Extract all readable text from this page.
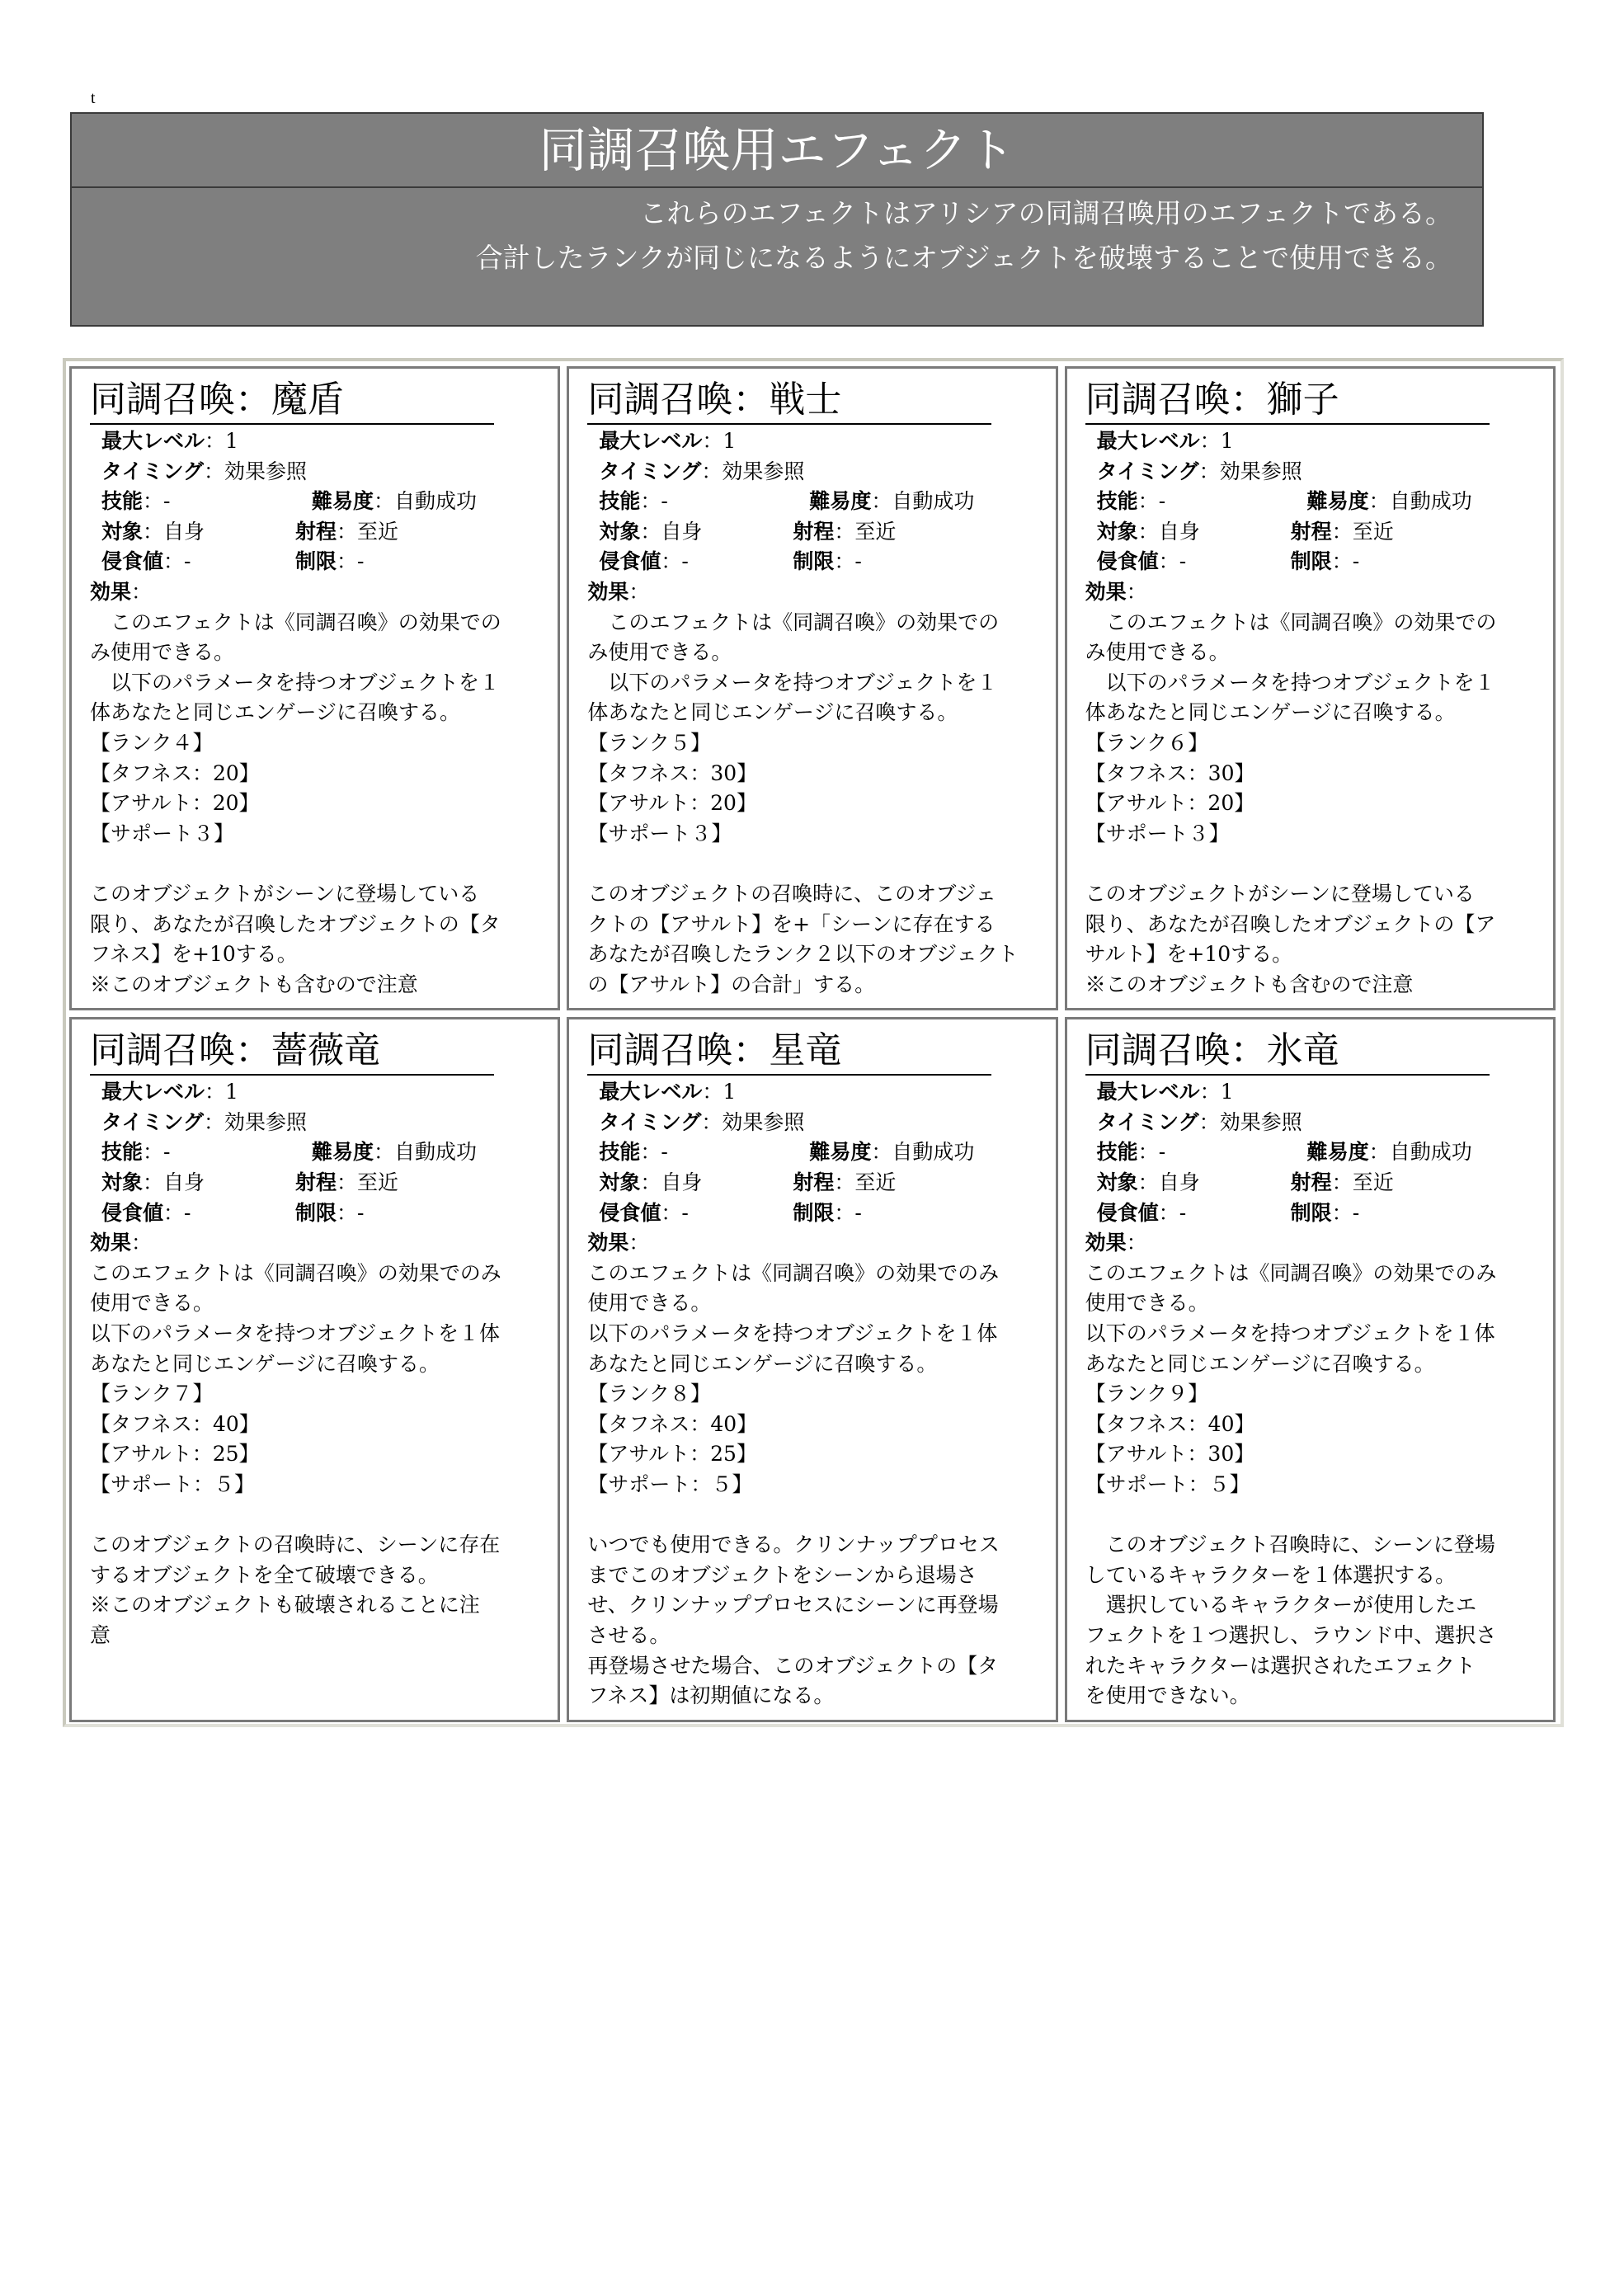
t
同調召喚用エフェクト
これらのエフェクトはアリシアの同調召喚用のエフェクトである。
合計したランクが同じになるようにオブジェクトを破壊することで使用できる。
同調召喚：魔盾
最大レベル：1
タイミング：効果参照
技能：-	難易度：自動成功
対象：自身	射程：至近
侵食値：-	制限：-
効果：
　このエフェクトは《同調召喚》の効果での
み使用できる。
　以下のパラメータを持つオブジェクトを１
体あなたと同じエンゲージに召喚する。
【ランク４】
【タフネス：20】
【アサルト：20】
【サポート３】
このオブジェクトがシーンに登場している
限り、あなたが召喚したオブジェクトの【タ
フネス】を+10する。
※このオブジェクトも含むので注意
同調召喚：戦士
最大レベル：1
タイミング：効果参照
技能：-	難易度：自動成功
対象：自身	射程：至近
侵食値：-	制限：-
効果：
　このエフェクトは《同調召喚》の効果での
み使用できる。
　以下のパラメータを持つオブジェクトを１
体あなたと同じエンゲージに召喚する。
【ランク５】
【タフネス：30】
【アサルト：20】
【サポート３】
このオブジェクトの召喚時に、このオブジェ
クトの【アサルト】を+「シーンに存在する
あなたが召喚したランク２以下のオブジェクト
の【アサルト】の合計」する。
同調召喚：獅子
最大レベル：1
タイミング：効果参照
技能：-	難易度：自動成功
対象：自身	射程：至近
侵食値：-	制限：-
効果：
　このエフェクトは《同調召喚》の効果での
み使用できる。
　以下のパラメータを持つオブジェクトを１
体あなたと同じエンゲージに召喚する。
【ランク６】
【タフネス：30】
【アサルト：20】
【サポート３】
このオブジェクトがシーンに登場している
限り、あなたが召喚したオブジェクトの【ア
サルト】を+10する。
※このオブジェクトも含むので注意
同調召喚：薔薇竜
最大レベル：1
タイミング：効果参照
技能：-	難易度：自動成功
対象：自身	射程：至近
侵食値：-	制限：-
効果：
このエフェクトは《同調召喚》の効果でのみ
使用できる。
以下のパラメータを持つオブジェクトを１体
あなたと同じエンゲージに召喚する。
【ランク７】
【タフネス：40】
【アサルト：25】
【サポート：５】
このオブジェクトの召喚時に、シーンに存在
するオブジェクトを全て破壊できる。
※このオブジェクトも破壊されることに注
意
同調召喚：星竜
最大レベル：1
タイミング：効果参照
技能：-	難易度：自動成功
対象：自身	射程：至近
侵食値：-	制限：-
効果：
このエフェクトは《同調召喚》の効果でのみ
使用できる。
以下のパラメータを持つオブジェクトを１体
あなたと同じエンゲージに召喚する。
【ランク８】
【タフネス：40】
【アサルト：25】
【サポート：５】
いつでも使用できる。クリンナッププロセス
までこのオブジェクトをシーンから退場さ
せ、クリンナッププロセスにシーンに再登場
させる。
再登場させた場合、このオブジェクトの【タ
フネス】は初期値になる。
同調召喚：氷竜
最大レベル：1
タイミング：効果参照
技能：-	難易度：自動成功
対象：自身	射程：至近
侵食値：-	制限：-
効果：
このエフェクトは《同調召喚》の効果でのみ
使用できる。
以下のパラメータを持つオブジェクトを１体
あなたと同じエンゲージに召喚する。
【ランク９】
【タフネス：40】
【アサルト：30】
【サポート：５】
　このオブジェクト召喚時に、シーンに登場
しているキャラクターを１体選択する。
　選択しているキャラクターが使用したエ
フェクトを１つ選択し、ラウンド中、選択さ
れたキャラクターは選択されたエフェクト
を使用できない。
